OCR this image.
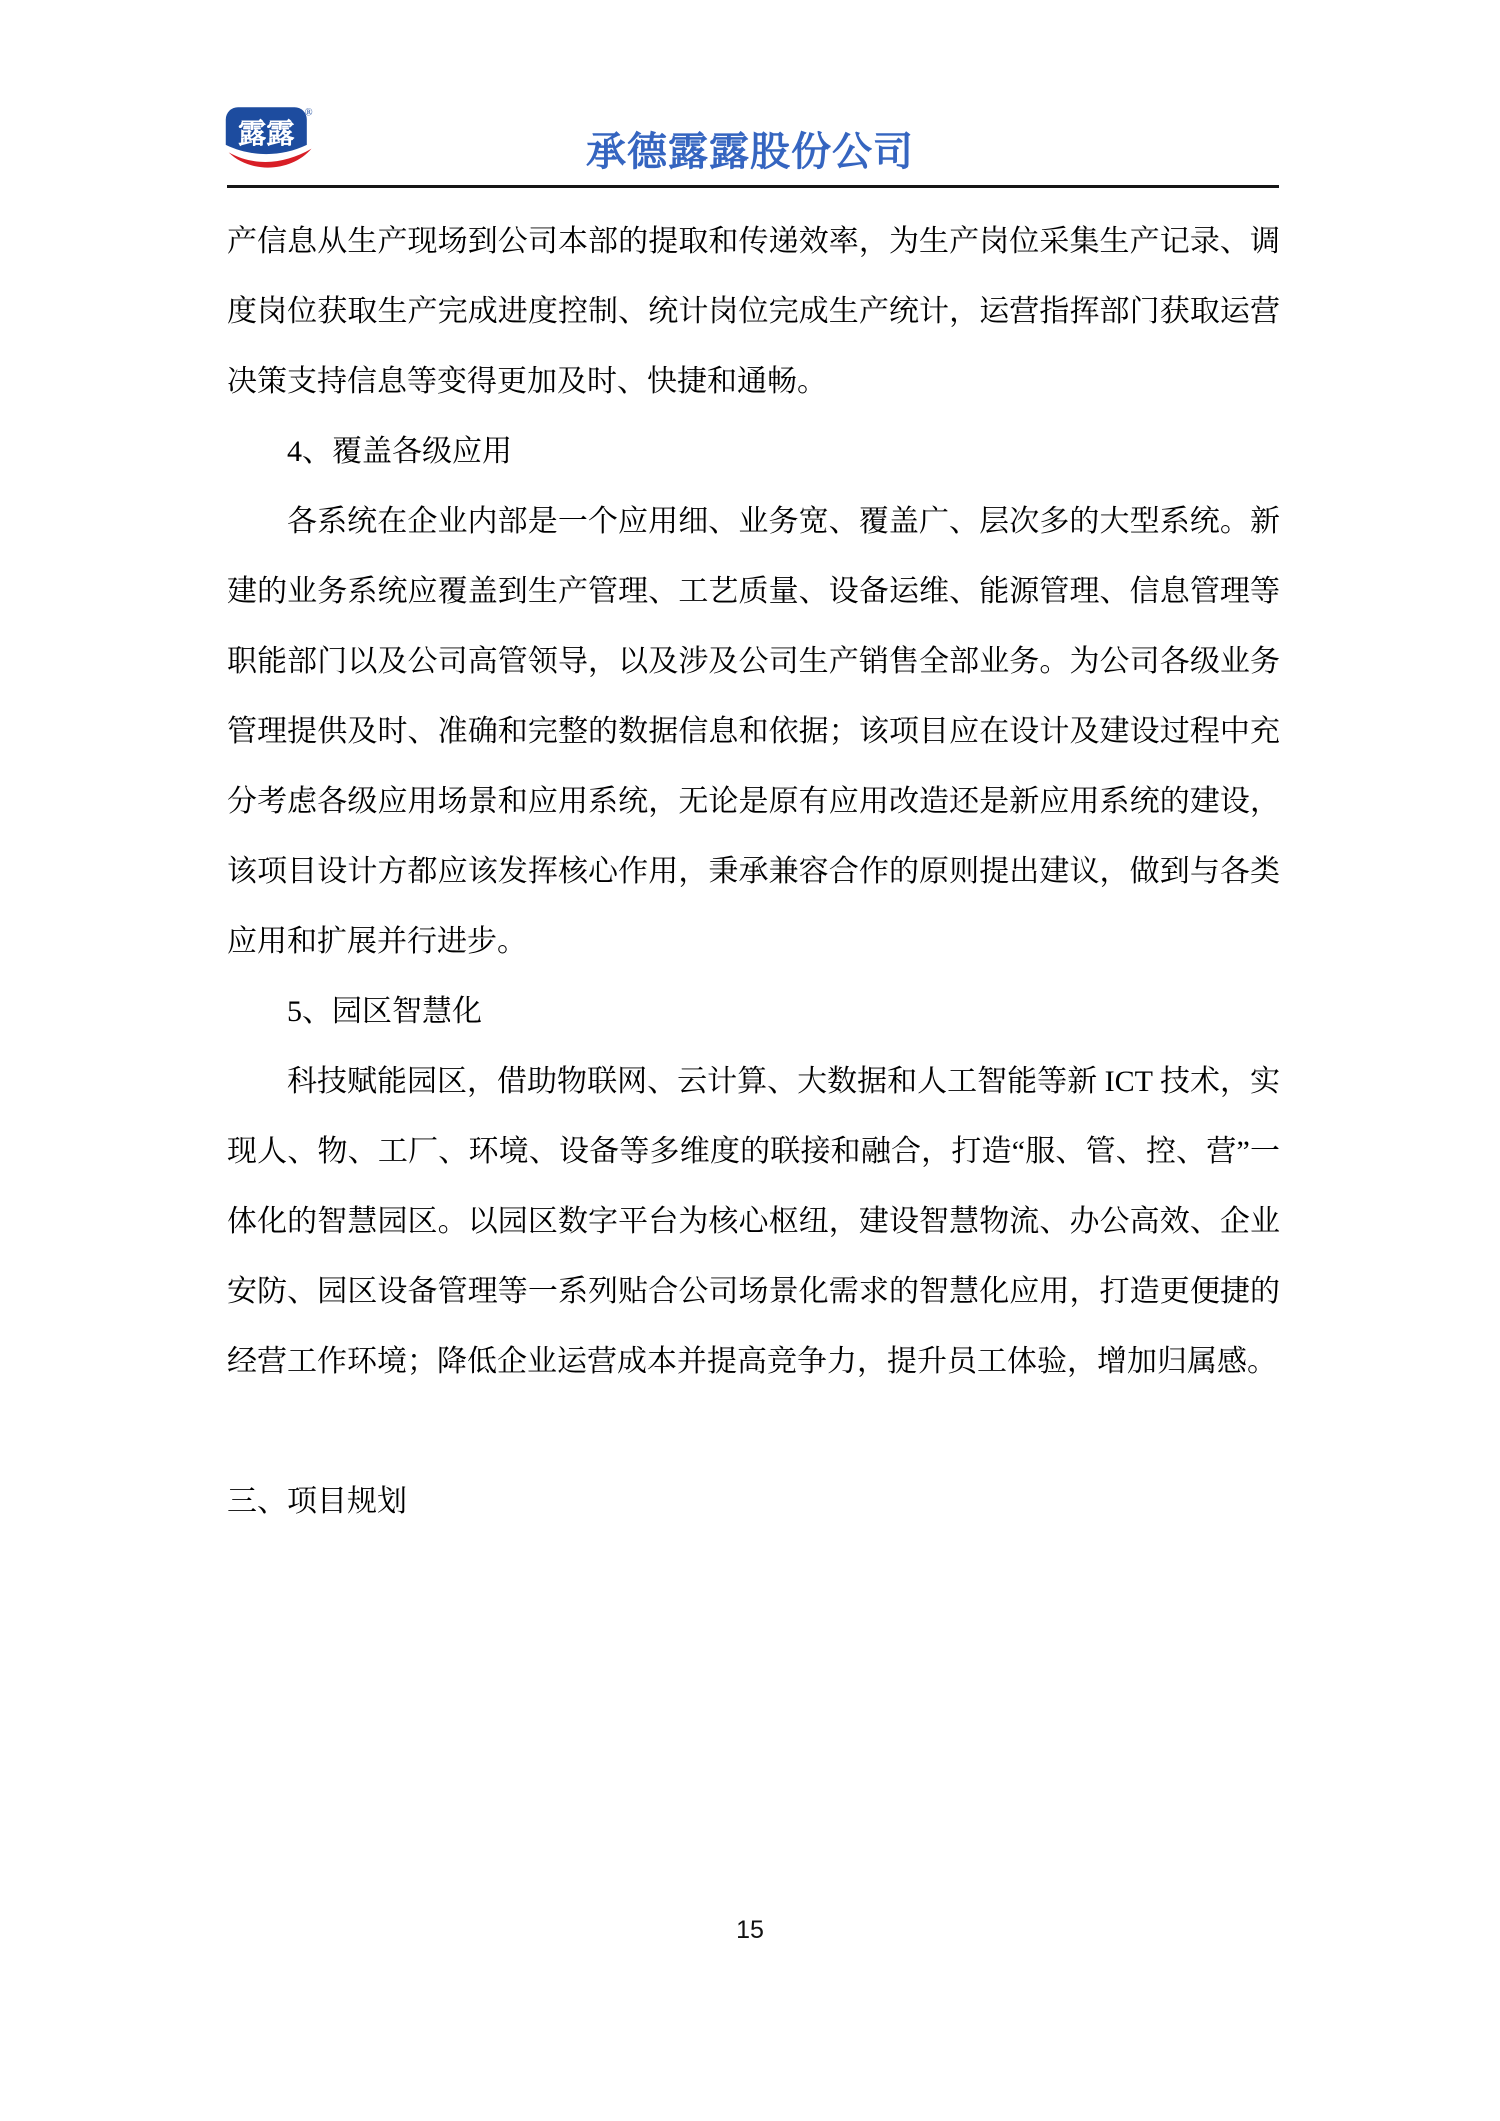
露露
®
承德露露股份公司

产信息从生产现场到公司本部的提取和传递效率，为生产岗位采集生产记录、调度岗位获取生产完成进度控制、统计岗位完成生产统计，运营指挥部门获取运营决策支持信息等变得更加及时、快捷和通畅。

4、覆盖各级应用

各系统在企业内部是一个应用细、业务宽、覆盖广、层次多的大型系统。新建的业务系统应覆盖到生产管理、工艺质量、设备运维、能源管理、信息管理等职能部门以及公司高管领导，以及涉及公司生产销售全部业务。为公司各级业务管理提供及时、准确和完整的数据信息和依据；该项目应在设计及建设过程中充分考虑各级应用场景和应用系统，无论是原有应用改造还是新应用系统的建设，该项目设计方都应该发挥核心作用，秉承兼容合作的原则提出建议，做到与各类应用和扩展并行进步。

5、园区智慧化

科技赋能园区，借助物联网、云计算、大数据和人工智能等新 ICT 技术，实现人、物、工厂、环境、设备等多维度的联接和融合，打造“服、管、控、营”一体化的智慧园区。以园区数字平台为核心枢纽，建设智慧物流、办公高效、企业安防、园区设备管理等一系列贴合公司场景化需求的智慧化应用，打造更便捷的经营工作环境；降低企业运营成本并提高竞争力，提升员工体验，增加归属感。

三、项目规划

15
